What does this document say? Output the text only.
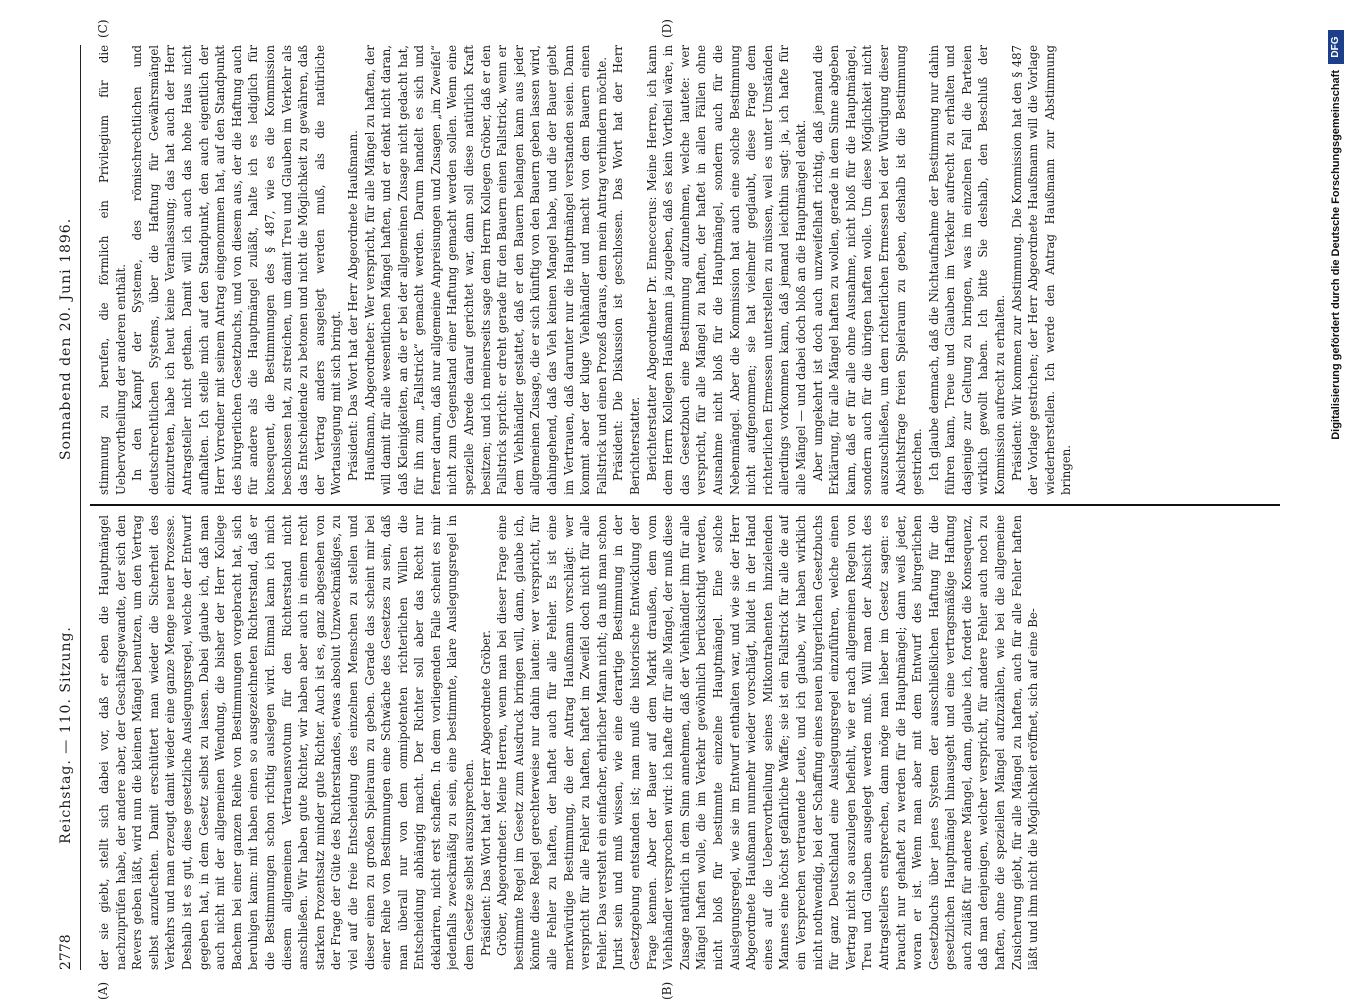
2778
Reichstag. — 110. Sitzung.
Sonnabend den 20. Juni 1896.
(A)	(B)
(C)	(D)

der sie giebt, stellt sich dabei vor, daß er eben die Hauptmängel nachzuprüfen habe, der andere aber, der Geschäftsgewandte, der sich den Revers geben läßt, wird nun die kleinen Mängel benutzen, um den Vertrag selbst anzufechten. Damit erschüttert man wieder die Sicherheit des Verkehrs und man erzeugt damit wieder eine ganze Menge neuer Prozesse. Deshalb ist es gut, diese gesetzliche Auslegungsregel, welche der Entwurf gegeben hat, in dem Gesetz selbst zu lassen. Dabei glaube ich, daß man auch nicht mit der allgemeinen Wendung, die bisher der Herr Kollege Bachem bei einer ganzen Reihe von Bestimmungen vorgebracht hat, sich beruhigen kann: mit haben einen so ausgezeichneten Richterstand, daß er die Bestimmungen schon richtig auslegen wird. Einmal kann ich mich diesem allgemeinen Vertrauensvotum für den Richterstand nicht anschließen. Wir haben gute Richter, wir haben aber auch in einem recht starken Prozentsatz minder gute Richter. Auch ist es, ganz abgesehen von der Frage der Güte des Richterstandes, etwas absolut Unzweckmäßiges, zu viel auf die freie Entscheidung des einzelnen Menschen zu stellen und dieser einen zu großen Spielraum zu geben. Gerade das scheint mir bei einer Reihe von Bestimmungen eine Schwäche des Gesetzes zu sein, daß man überall nur von dem omnipotenten richterlichen Willen die Entscheidung abhängig macht. Der Richter soll aber das Recht nur deklariren, nicht erst schaffen. In dem vorliegenden Falle scheint es mir jedenfalls zweckmäßig zu sein, eine bestimmte, klare Auslegungsregel in dem Gesetze selbst auszusprechen. Präsident: Das Wort hat der Herr Abgeordnete Gröber. Gröber, Abgeordneter: Meine Herren, wenn man bei dieser Frage eine bestimmte Regel im Gesetz zum Ausdruck bringen will, dann, glaube ich, könnte diese Regel gerechterweise nur dahin lauten: wer verspricht, für alle Fehler zu haften, der haftet auch für alle Fehler. Es ist eine merkwürdige Bestimmung, die der Antrag Haußmann vorschlägt: wer verspricht für alle Fehler zu haften, haftet im Zweifel doch nicht für alle Fehler. Das versteht ein einfacher, ehrlicher Mann nicht; da muß man schon Jurist sein und muß wissen, wie eine derartige Bestimmung in der Gesetzgebung entstanden ist; man muß die historische Entwicklung der Frage kennen. Aber der Bauer auf dem Markt draußen, dem vom Viehhändler versprochen wird: ich hafte dir für alle Mängel, der muß diese Zusage natürlich in dem Sinn annehmen, daß der Viehhändler ihm für alle Mängel haften wolle, die im Verkehr gewöhnlich berücksichtigt werden, nicht bloß für bestimmte einzelne Hauptmängel. Eine solche Auslegungsregel, wie sie im Entwurf enthalten war, und wie sie der Herr Abgeordnete Haußmann nunmehr wieder vorschlägt, bildet in der Hand eines auf die Uebervortheilung seines Mitkontrahenten hinzielenden Mannes eine höchst gefährliche Waffe; sie ist ein Fallstrick für alle die auf ein Versprechen vertrauende Leute, und ich glaube, wir haben wirklich nicht nothwendig, bei der Schaffung eines neuen bürgerlichen Gesetzbuchs für ganz Deutschland eine Auslegungsregel einzuführen, welche einen Vertrag nicht so auszulegen befiehlt, wie er nach allgemeinen Regeln von Treu und Glauben ausgelegt werden muß. Will man der Absicht des Antragstellers entsprechen, dann möge man lieber im Gesetz sagen: es braucht nur gehaftet zu werden für die Hauptmängel; dann weiß jeder, woran er ist. Wenn man aber mit dem Entwurf des bürgerlichen Gesetzbuchs über jenes System der ausschließlichen Haftung für die gesetzlichen Hauptmängel hinausgeht und eine vertragsmäßige Haftung auch zuläßt für andere Mängel, dann, glaube ich, fordert die Konsequenz, daß man denjenigen, welcher verspricht, für andere Fehler auch noch zu haften, ohne die speziellen Mängel aufzuzählen, wie bei die allgemeine Zusicherung giebt, für alle Mängel zu haften, auch für alle Fehler haften läßt und ihm nicht die Möglichkeit eröffnet, sich auf eine Be-

stimmung zu berufen, die förmlich ein Privilegium für die Uebervortheilung der anderen enthält. In den Kampf der Systeme, des römischrechtlichen und deutschrechtlichen Systems, über die Haftung für Gewährsmängel einzutreten, habe ich heut keine Veranlassung; das hat auch der Herr Antragsteller nicht gethan. Damit will ich auch das hohe Haus nicht aufhalten. Ich stelle mich auf den Standpunkt, den auch eigentlich der Herr Vorredner mit seinem Antrag eingenommen hat, auf den Standpunkt des bürgerlichen Gesetzbuchs, und von diesem aus, der die Haftung auch für andere als die Hauptmängel zuläßt, halte ich es lediglich für konsequent, die Bestimmungen des § 487, wie es die Kommission beschlossen hat, zu streichen, um damit Treu und Glauben im Verkehr als das Entscheidende zu betonen und nicht die Möglichkeit zu gewähren, daß der Vertrag anders ausgelegt werden muß, als die natürliche Wortauslegung mit sich bringt. Präsident: Das Wort hat der Herr Abgeordnete Haußmann. Haußmann, Abgeordneter: Wer verspricht, für alle Mängel zu haften, der will damit für alle wesentlichen Mängel haften, und er denkt nicht daran, daß Kleinigkeiten, an die er bei der allgemeinen Zusage nicht gedacht hat, für ihn zum „Fallstrick“ gemacht werden. Darum handelt es sich und ferner darum, daß nur allgemeine Anpreisungen und Zusagen „im Zweifel“ nicht zum Gegenstand einer Haftung gemacht werden sollen. Wenn eine spezielle Abrede darauf gerichtet war, dann soll diese natürlich Kraft besitzen; und ich meinerseits sage dem Herrn Kollegen Gröber, daß er den Fallstrick spricht: er dreht gerade für den Bauern einen Fallstrick, wenn er dem Viehhändler gestattet, daß er den Bauern belangen kann aus jeder allgemeinen Zusage, die er sich künftig von den Bauern geben lassen wird, dahingehend, daß das Vieh keinen Mangel habe, und die der Bauer giebt im Vertrauen, daß darunter nur die Hauptmängel verstanden seien. Dann kommt aber der kluge Viehhändler und macht von dem Bauern einen Fallstrick und einen Prozeß daraus, dem mein Antrag verhindern möchte. Präsident: Die Diskussion ist geschlossen. Das Wort hat der Herr Berichterstatter. Berichterstatter Abgeordneter Dr. Enneccerus: Meine Herren, ich kann dem Herrn Kollegen Haußmann ja zugeben, daß es kein Vortheil wäre, in das Gesetzbuch eine Bestimmung aufzunehmen, welche lautete: wer verspricht, für alle Mängel zu haften, der haftet in allen Fällen ohne Ausnahme nicht bloß für die Hauptmängel, sondern auch für die Nebenmängel. Aber die Kommission hat auch eine solche Bestimmung nicht aufgenommen; sie hat vielmehr geglaubt, diese Frage dem richterlichen Ermessen unterstellen zu müssen, weil es unter Umständen allerdings vorkommen kann, daß jemand leichthin sagt: ja, ich hafte für alle Mängel — und dabei doch bloß an die Hauptmängel denkt. Aber umgekehrt ist doch auch unzweifelhaft richtig, daß jemand die Erklärung, für alle Mängel haften zu wollen, gerade in dem Sinne abgeben kann, daß er für alle ohne Ausnahme, nicht bloß für die Hauptmängel, sondern auch für die übrigen haften wolle. Um diese Möglichkeit nicht auszuschließen, um dem richterlichen Ermessen bei der Würdigung dieser Absichtsfrage freien Spielraum zu geben, deshalb ist die Bestimmung gestrichen. Ich glaube demnach, daß die Nichtaufnahme der Bestimmung nur dahin führen kann, Treue und Glauben im Verkehr aufrecht zu erhalten und dasjenige zur Geltung zu bringen, was im einzelnen Fall die Parteien wirklich gewollt haben. Ich bitte Sie deshalb, den Beschluß der Kommission aufrecht zu erhalten. Präsident: Wir kommen zur Abstimmung. Die Kommission hat den § 487 der Vorlage gestrichen; der Herr Abgeordnete Haußmann will die Vorlage wiederherstellen. Ich werde den Antrag Haußmann zur Abstimmung bringen.

Digitalisierung gefördert durch die Deutsche Forschungsgemeinschaft
DFG
